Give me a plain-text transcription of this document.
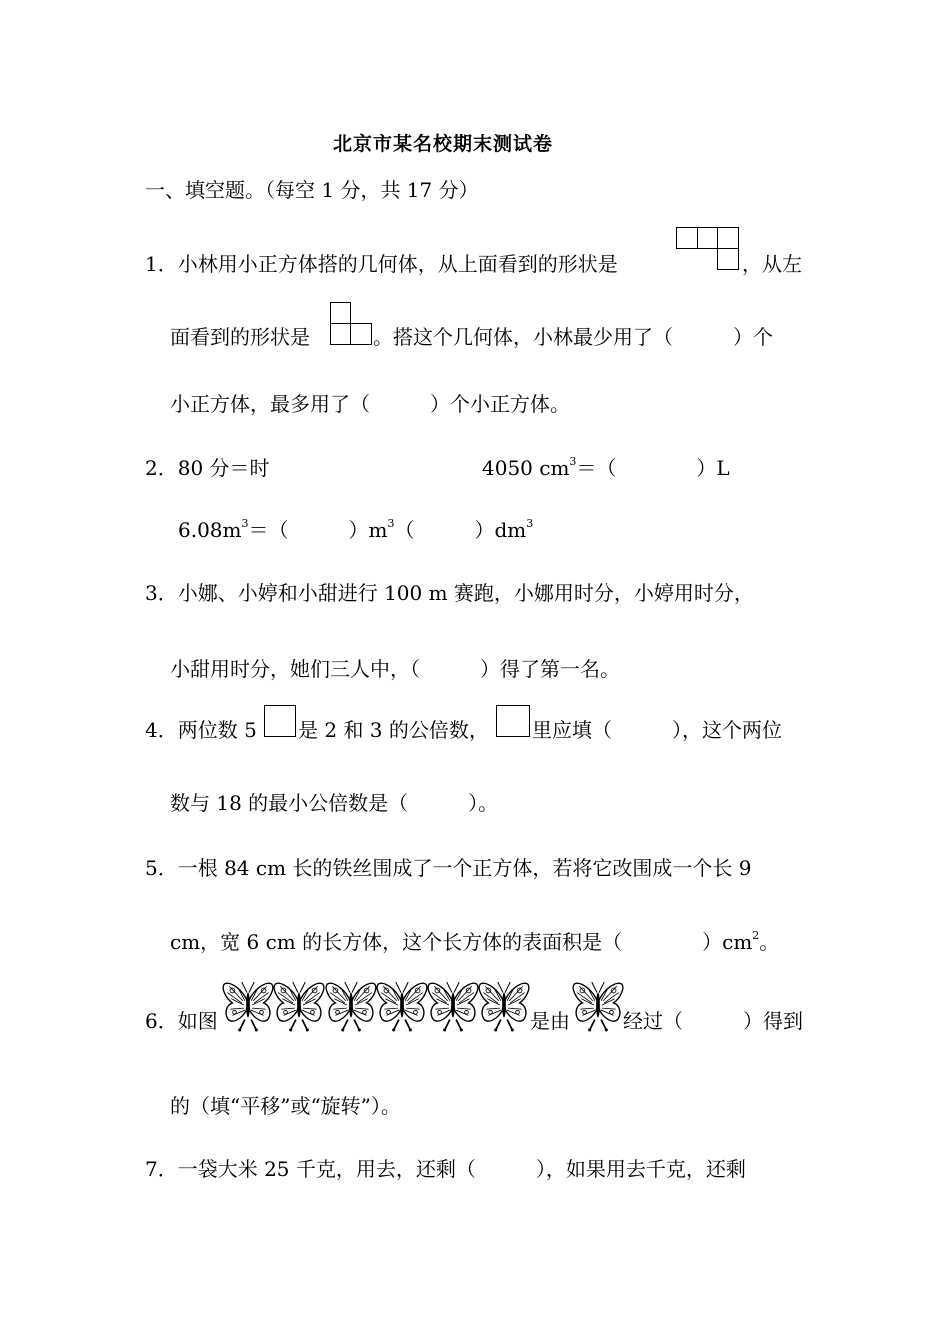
北京市某名校期末测试卷
一、填空题。（每空 1 分，共 17 分）
1．小林用小正方体搭的几何体，从上面看到的形状是	，从左
面看到的形状是	。搭这个几何体，小林最少用了（　　　）个
小正方体，最多用了（　　　）个小正方体。
2．80 分＝时	4050 $cm^3=$（　　　　）L
$6.08m^3=$（　　　）$m^3$（　　　）$dm^3$
3．小娜、小婷和小甜进行 100 m 赛跑，小娜用时分，小婷用时分，
小甜用时分，她们三人中，（　　　）得了第一名。
4．两位数 5 是 2 和 3 的公倍数， 里应填（　　　），这个两位
数与 18 的最小公倍数是（　　　）。
5．一根 84 cm 长的铁丝围成了一个正方体，若将它改围成一个长 9
cm，宽 6 cm 的长方体，这个长方体的表面积是（　　　　）$cm^2$。
6．如图	是由	经过（　　　）得到
的（填“平移”或“旋转”）。
7．一袋大米 25 千克，用去，还剩（　　　），如果用去千克，还剩
